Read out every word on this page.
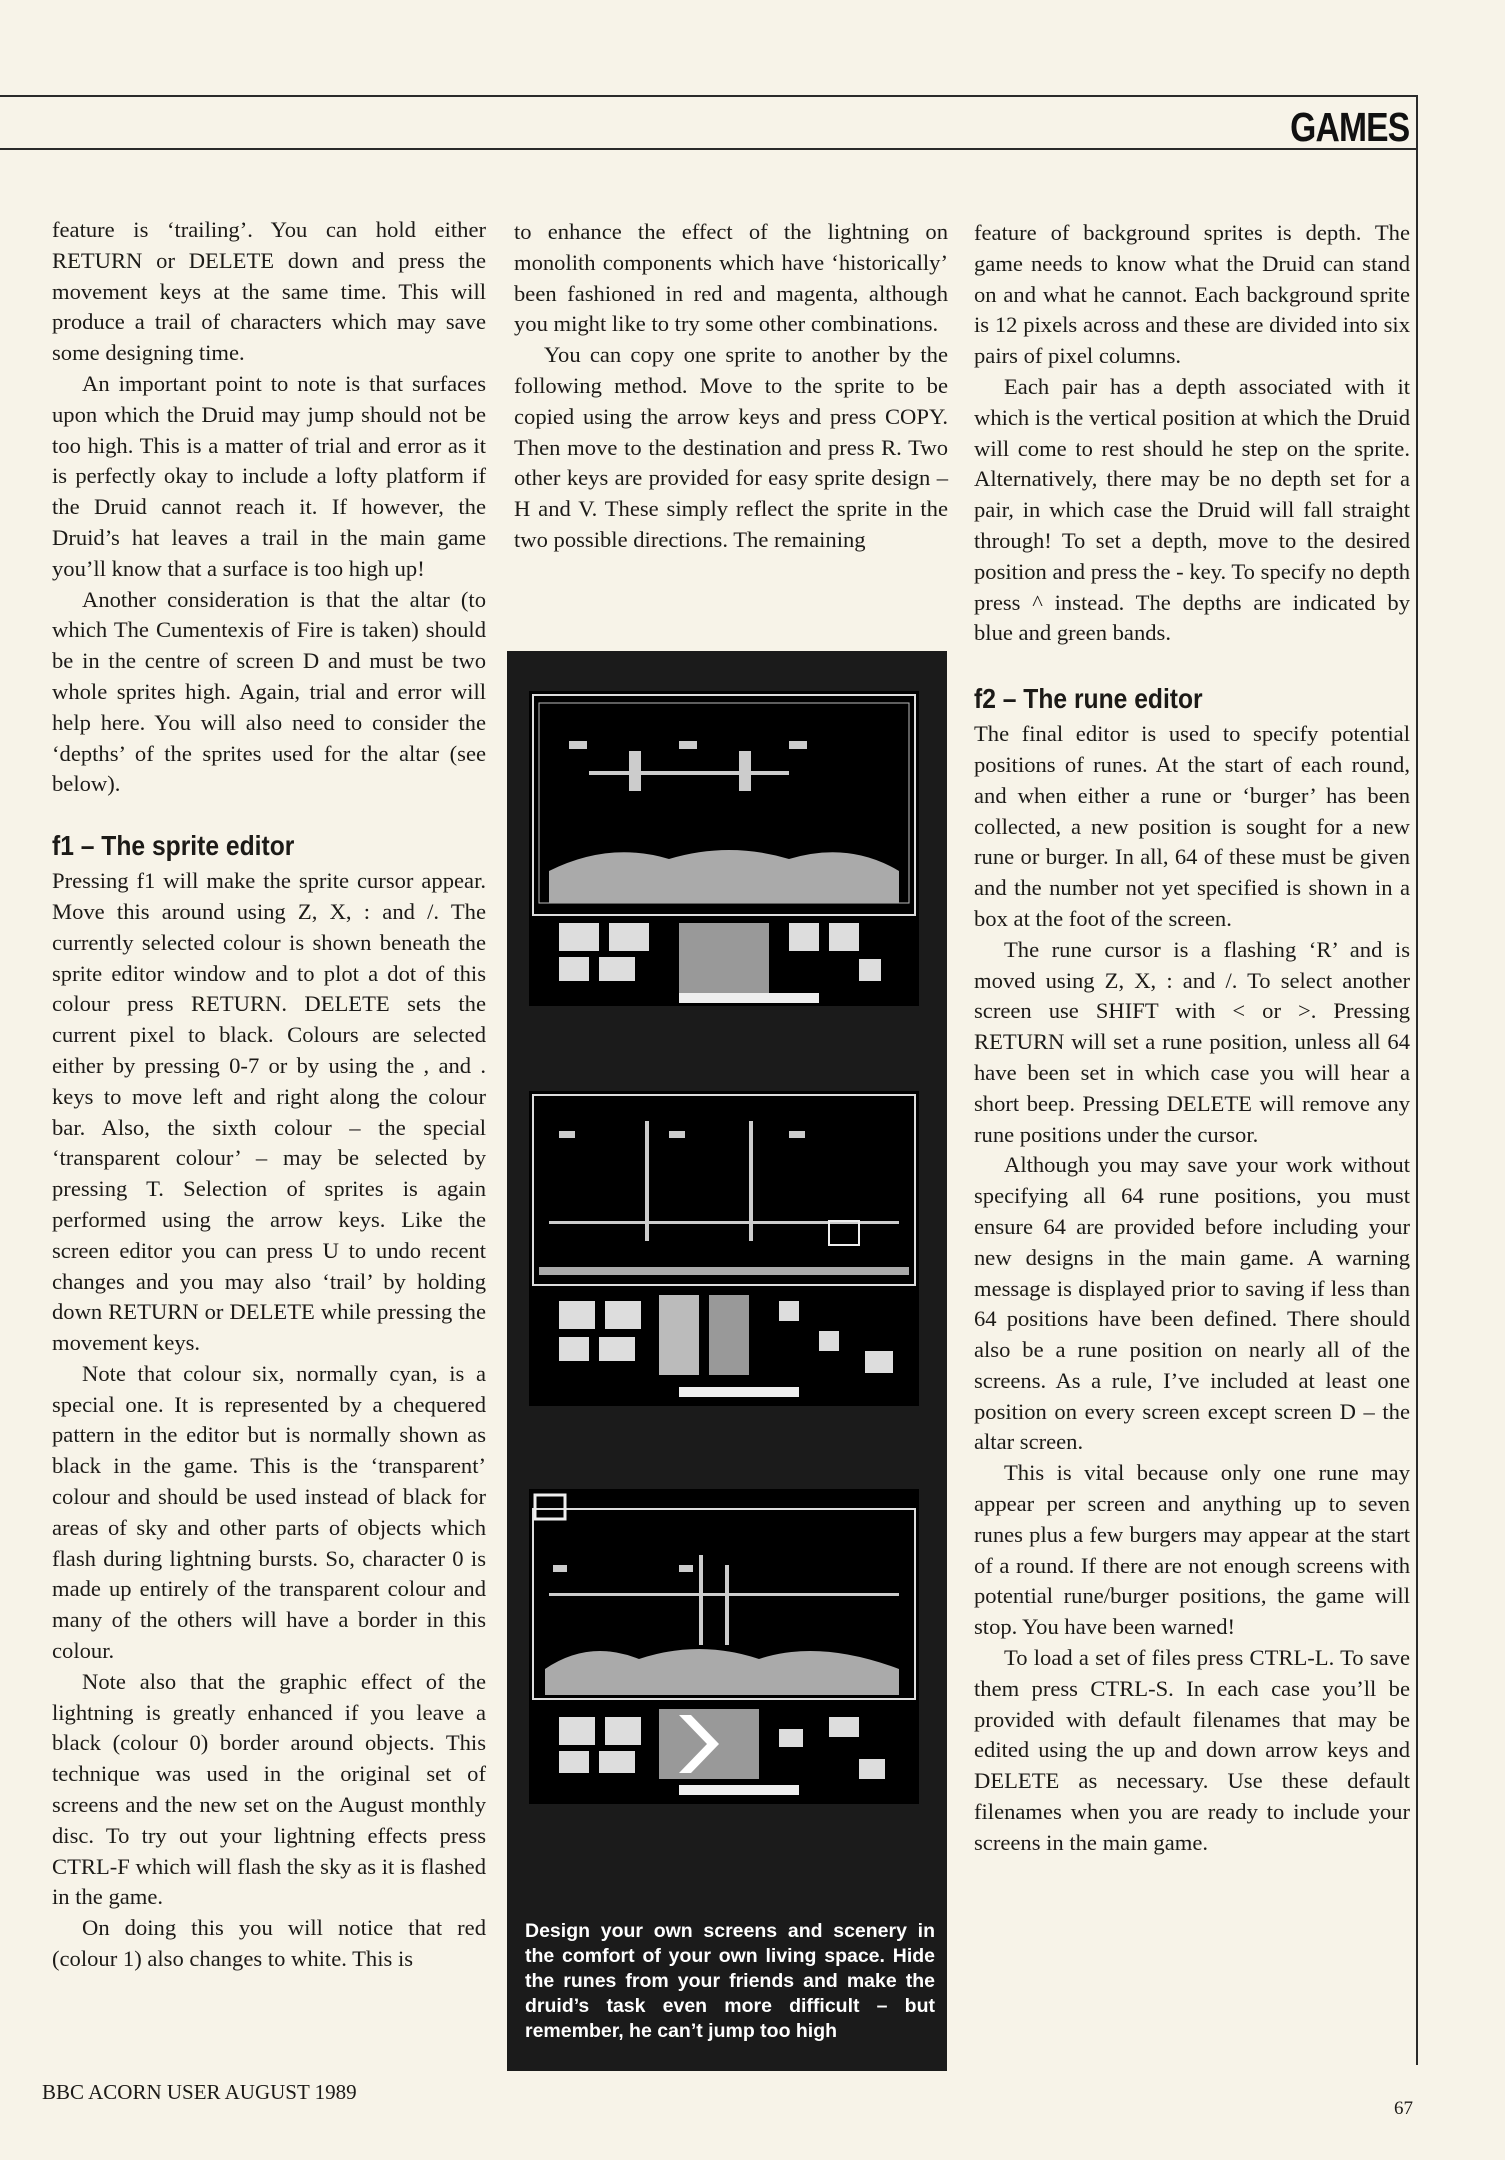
GAMES

feature is ‘trailing’. You can hold either RETURN or DELETE down and press the movement keys at the same time. This will produce a trail of characters which may save some designing time.

An important point to note is that surfaces upon which the Druid may jump should not be too high. This is a matter of trial and error as it is perfectly okay to include a lofty platform if the Druid cannot reach it. If however, the Druid’s hat leaves a trail in the main game you’ll know that a surface is too high up!

Another consideration is that the altar (to which The Cumentexis of Fire is taken) should be in the centre of screen D and must be two whole sprites high. Again, trial and error will help here. You will also need to consider the ‘depths’ of the sprites used for the altar (see below).

f1 – The sprite editor

Pressing f1 will make the sprite cursor appear. Move this around using Z, X, : and /. The currently selected colour is shown beneath the sprite editor window and to plot a dot of this colour press RETURN. DELETE sets the current pixel to black. Colours are selected either by pressing 0-7 or by using the , and . keys to move left and right along the colour bar. Also, the sixth colour – the special ‘transparent colour’ – may be selected by pressing T. Selection of sprites is again performed using the arrow keys. Like the screen editor you can press U to undo recent changes and you may also ‘trail’ by holding down RETURN or DELETE while pressing the movement keys.

Note that colour six, normally cyan, is a special one. It is represented by a chequered pattern in the editor but is normally shown as black in the game. This is the ‘transparent’ colour and should be used instead of black for areas of sky and other parts of objects which flash during lightning bursts. So, character 0 is made up entirely of the transparent colour and many of the others will have a border in this colour.

Note also that the graphic effect of the lightning is greatly enhanced if you leave a black (colour 0) border around objects. This technique was used in the original set of screens and the new set on the August monthly disc. To try out your lightning effects press CTRL-F which will flash the sky as it is flashed in the game.

On doing this you will notice that red (colour 1) also changes to white. This is

to enhance the effect of the lightning on monolith components which have ‘historically’ been fashioned in red and magenta, although you might like to try some other combinations.

You can copy one sprite to another by the following method. Move to the sprite to be copied using the arrow keys and press COPY. Then move to the destination and press R. Two other keys are provided for easy sprite design – H and V. These simply reflect the sprite in the two possible directions. The remaining

Design your own screens and scenery in the comfort of your own living space. Hide the runes from your friends and make the druid’s task even more difficult – but remember, he can’t jump too high

feature of background sprites is depth. The game needs to know what the Druid can stand on and what he cannot. Each background sprite is 12 pixels across and these are divided into six pairs of pixel columns.

Each pair has a depth associated with it which is the vertical position at which the Druid will come to rest should he step on the sprite. Alternatively, there may be no depth set for a pair, in which case the Druid will fall straight through! To set a depth, move to the desired position and press the - key. To specify no depth press ^ instead. The depths are indicated by blue and green bands.

f2 – The rune editor

The final editor is used to specify potential positions of runes. At the start of each round, and when either a rune or ‘burger’ has been collected, a new position is sought for a new rune or burger. In all, 64 of these must be given and the number not yet specified is shown in a box at the foot of the screen.

The rune cursor is a flashing ‘R’ and is moved using Z, X, : and /. To select another screen use SHIFT with < or >. Pressing RETURN will set a rune position, unless all 64 have been set in which case you will hear a short beep. Pressing DELETE will remove any rune positions under the cursor.

Although you may save your work without specifying all 64 rune positions, you must ensure 64 are provided before including your new designs in the main game. A warning message is displayed prior to saving if less than 64 positions have been defined. There should also be a rune position on nearly all of the screens. As a rule, I’ve included at least one position on every screen except screen D – the altar screen.

This is vital because only one rune may appear per screen and anything up to seven runes plus a few burgers may appear at the start of a round. If there are not enough screens with potential rune/burger positions, the game will stop. You have been warned!

To load a set of files press CTRL-L. To save them press CTRL-S. In each case you’ll be provided with default filenames that may be edited using the up and down arrow keys and DELETE as necessary. Use these default filenames when you are ready to include your screens in the main game.

BBC ACORN USER AUGUST 1989
67
